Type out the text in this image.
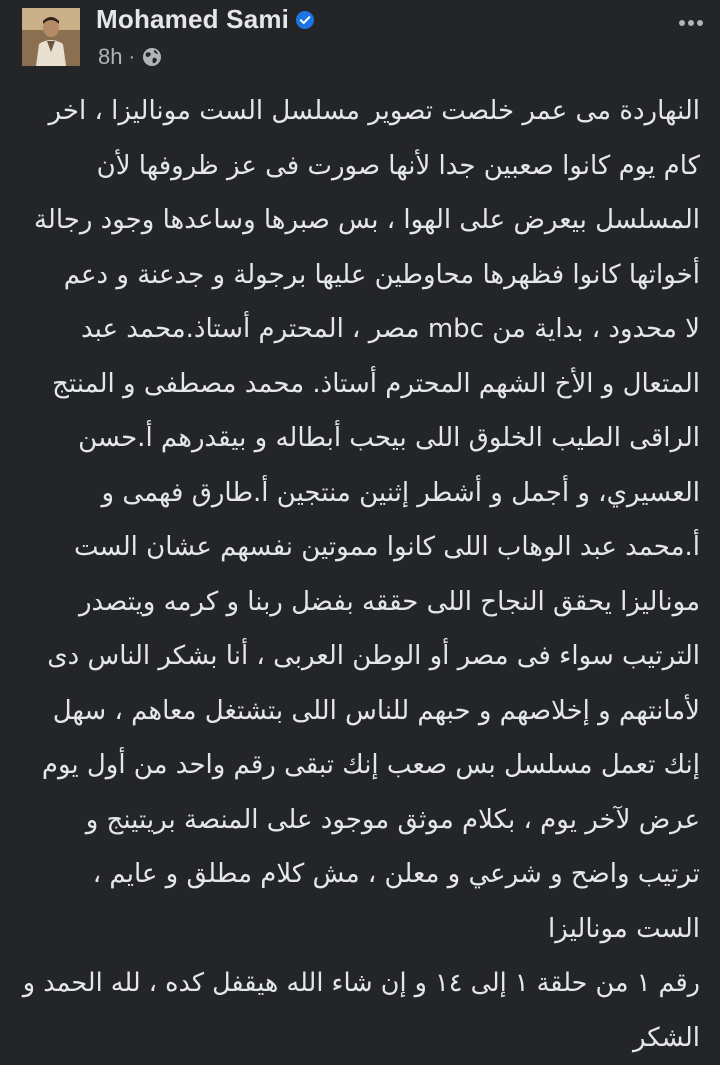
Mohamed Sami
8h ·
النهاردة مى عمر خلصت تصوير مسلسل الست موناليزا ، اخر
كام يوم كانوا صعبين جدا لأنها صورت فى عز ظروفها لأن
المسلسل بيعرض على الهوا ، بس صبرها وساعدها وجود رجالة
أخواتها كانوا فظهرها محاوطين عليها برجولة و جدعنة و دعم
لا محدود ، بداية من mbc مصر ، المحترم أستاذ.محمد عبد
المتعال و الأخ الشهم المحترم أستاذ. محمد مصطفى و المنتج
الراقى الطيب الخلوق اللى بيحب أبطاله و بيقدرهم أ.حسن
العسيري، و أجمل و أشطر إثنين منتجين أ.طارق فهمى و
أ.محمد عبد الوهاب اللى كانوا مموتين نفسهم عشان الست
موناليزا يحقق النجاح اللى حققه بفضل ربنا و كرمه ويتصدر
الترتيب سواء فى مصر أو الوطن العربى ، أنا بشكر الناس دى
لأمانتهم و إخلاصهم و حبهم للناس اللى بتشتغل معاهم ، سهل
إنك تعمل مسلسل بس صعب إنك تبقى رقم واحد من أول يوم
عرض لآخر يوم ، بكلام موثق موجود على المنصة بريتينج و
ترتيب واضح و شرعي و معلن ، مش كلام مطلق و عايم ،
الست موناليزا
رقم ١ من حلقة ١ إلى ١٤ و إن شاء الله هيقفل كده ، لله الحمد و
الشكر
